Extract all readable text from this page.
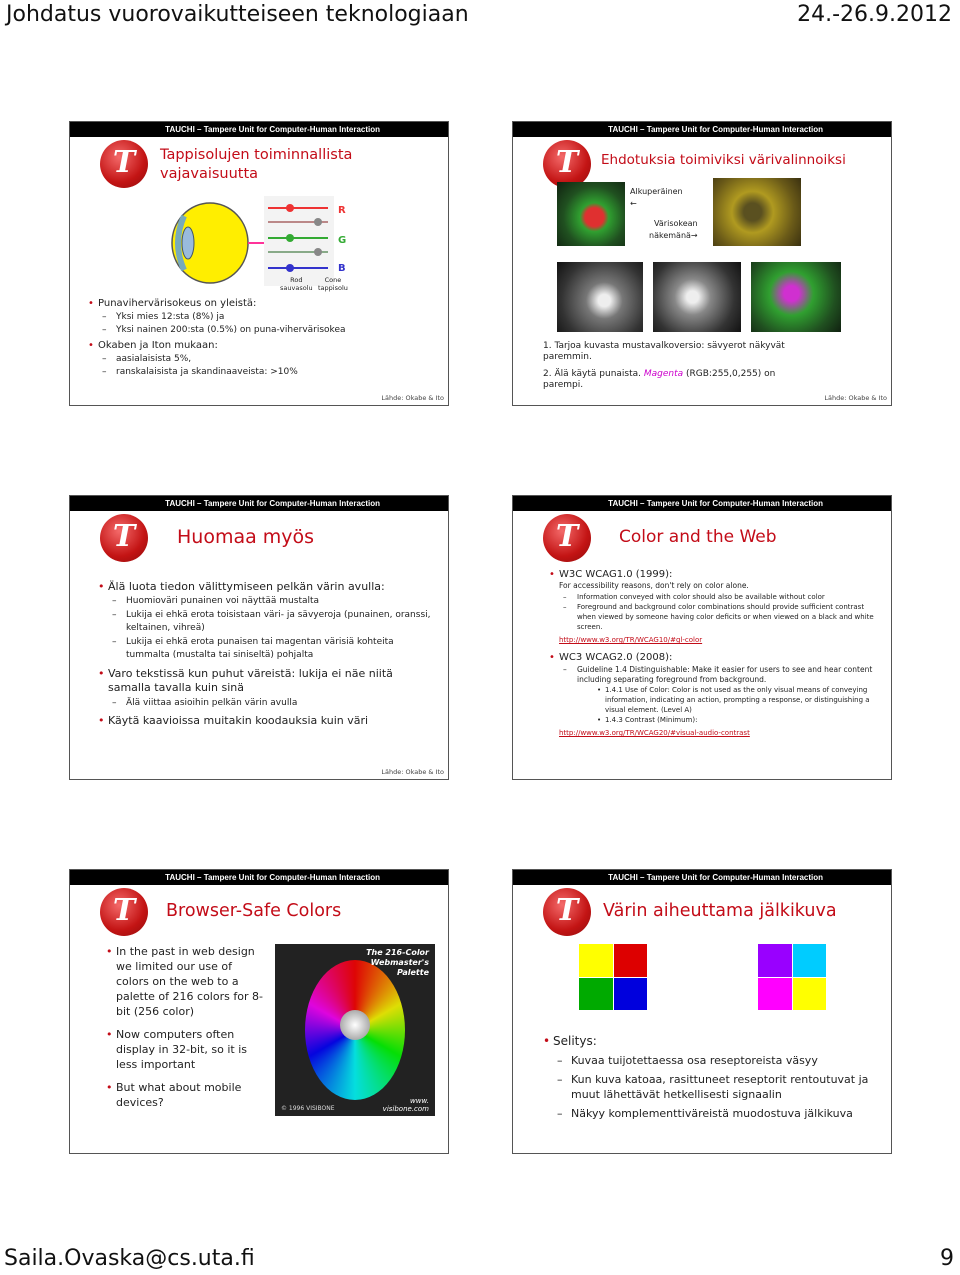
Johdatus vuorovaikutteiseen teknologiaan	24.-26.9.2012
TAUCHI – Tampere Unit for Computer-Human Interaction
T	Tappisolujen toiminnallista
vajavaisuutta
R
G
B
Rod
sauvasolu
Cone
tappisolu
• Punavihervärisokeus on yleistä:
– Yksi mies 12:sta (8%) ja
– Yksi nainen 200:sta (0.5%) on puna-vihervärisokea
• Okaben ja Iton mukaan:
– aasialaisista 5%,
– ranskalaisista ja skandinaaveista: >10%
Lähde: Okabe & Ito
TAUCHI – Tampere Unit for Computer-Human Interaction
T	Ehdotuksia toimiviksi värivalinnoiksi
Alkuperäinen
←
Värisokean
näkemänä→
1. Tarjoa kuvasta mustavalkoversio: sävyerot näkyvät paremmin.
2. Älä käytä punaista. Magenta (RGB:255,0,255) on parempi.
Lähde: Okabe & Ito
TAUCHI – Tampere Unit for Computer-Human Interaction
T	Huomaa myös
• Älä luota tiedon välittymiseen pelkän värin avulla:
– Huomioväri punainen voi näyttää mustalta
– Lukija ei ehkä erota toisistaan väri- ja sävyeroja (punainen, oranssi, keltainen, vihreä)
– Lukija ei ehkä erota punaisen tai magentan värisiä kohteita tummalta (mustalta tai siniseltä) pohjalta
• Varo tekstissä kun puhut väreistä: lukija ei näe niitä samalla tavalla kuin sinä
– Älä viittaa asioihin pelkän värin avulla
• Käytä kaavioissa muitakin koodauksia kuin väri
Lähde: Okabe & Ito
TAUCHI – Tampere Unit for Computer-Human Interaction
T	Color and the Web
• W3C WCAG1.0 (1999):
For accessibility reasons, don't rely on color alone.
– Information conveyed with color should also be available without color
– Foreground and background color combinations should provide sufficient contrast when viewed by someone having color deficits or when viewed on a black and white screen.
http://www.w3.org/TR/WCAG10/#gl-color
• WC3 WCAG2.0 (2008):
– Guideline 1.4 Distinguishable: Make it easier for users to see and hear content including separating foreground from background.
• 1.4.1 Use of Color: Color is not used as the only visual means of conveying information, indicating an action, prompting a response, or distinguishing a visual element. (Level A)
• 1.4.3 Contrast (Minimum):
http://www.w3.org/TR/WCAG20/#visual-audio-contrast
TAUCHI – Tampere Unit for Computer-Human Interaction
T	Browser-Safe Colors
• In the past in web design we limited our use of colors on the web to a palette of 216 colors for 8-bit (256 color)
• Now computers often display in 32-bit, so it is less important
• But what about mobile devices?
The 216-Color
Webmaster's
Palette
© 1996 VISIBONE
www.
visibone.com
TAUCHI – Tampere Unit for Computer-Human Interaction
T	Värin aiheuttama jälkikuva
• Selitys:
– Kuvaa tuijotettaessa osa reseptoreista väsyy
– Kun kuva katoaa, rasittuneet reseptorit rentoutuvat ja muut lähettävät hetkellisesti signaalin
– Näkyy komplementtiväreistä muodostuva jälkikuva
Saila.Ovaska@cs.uta.fi	9
